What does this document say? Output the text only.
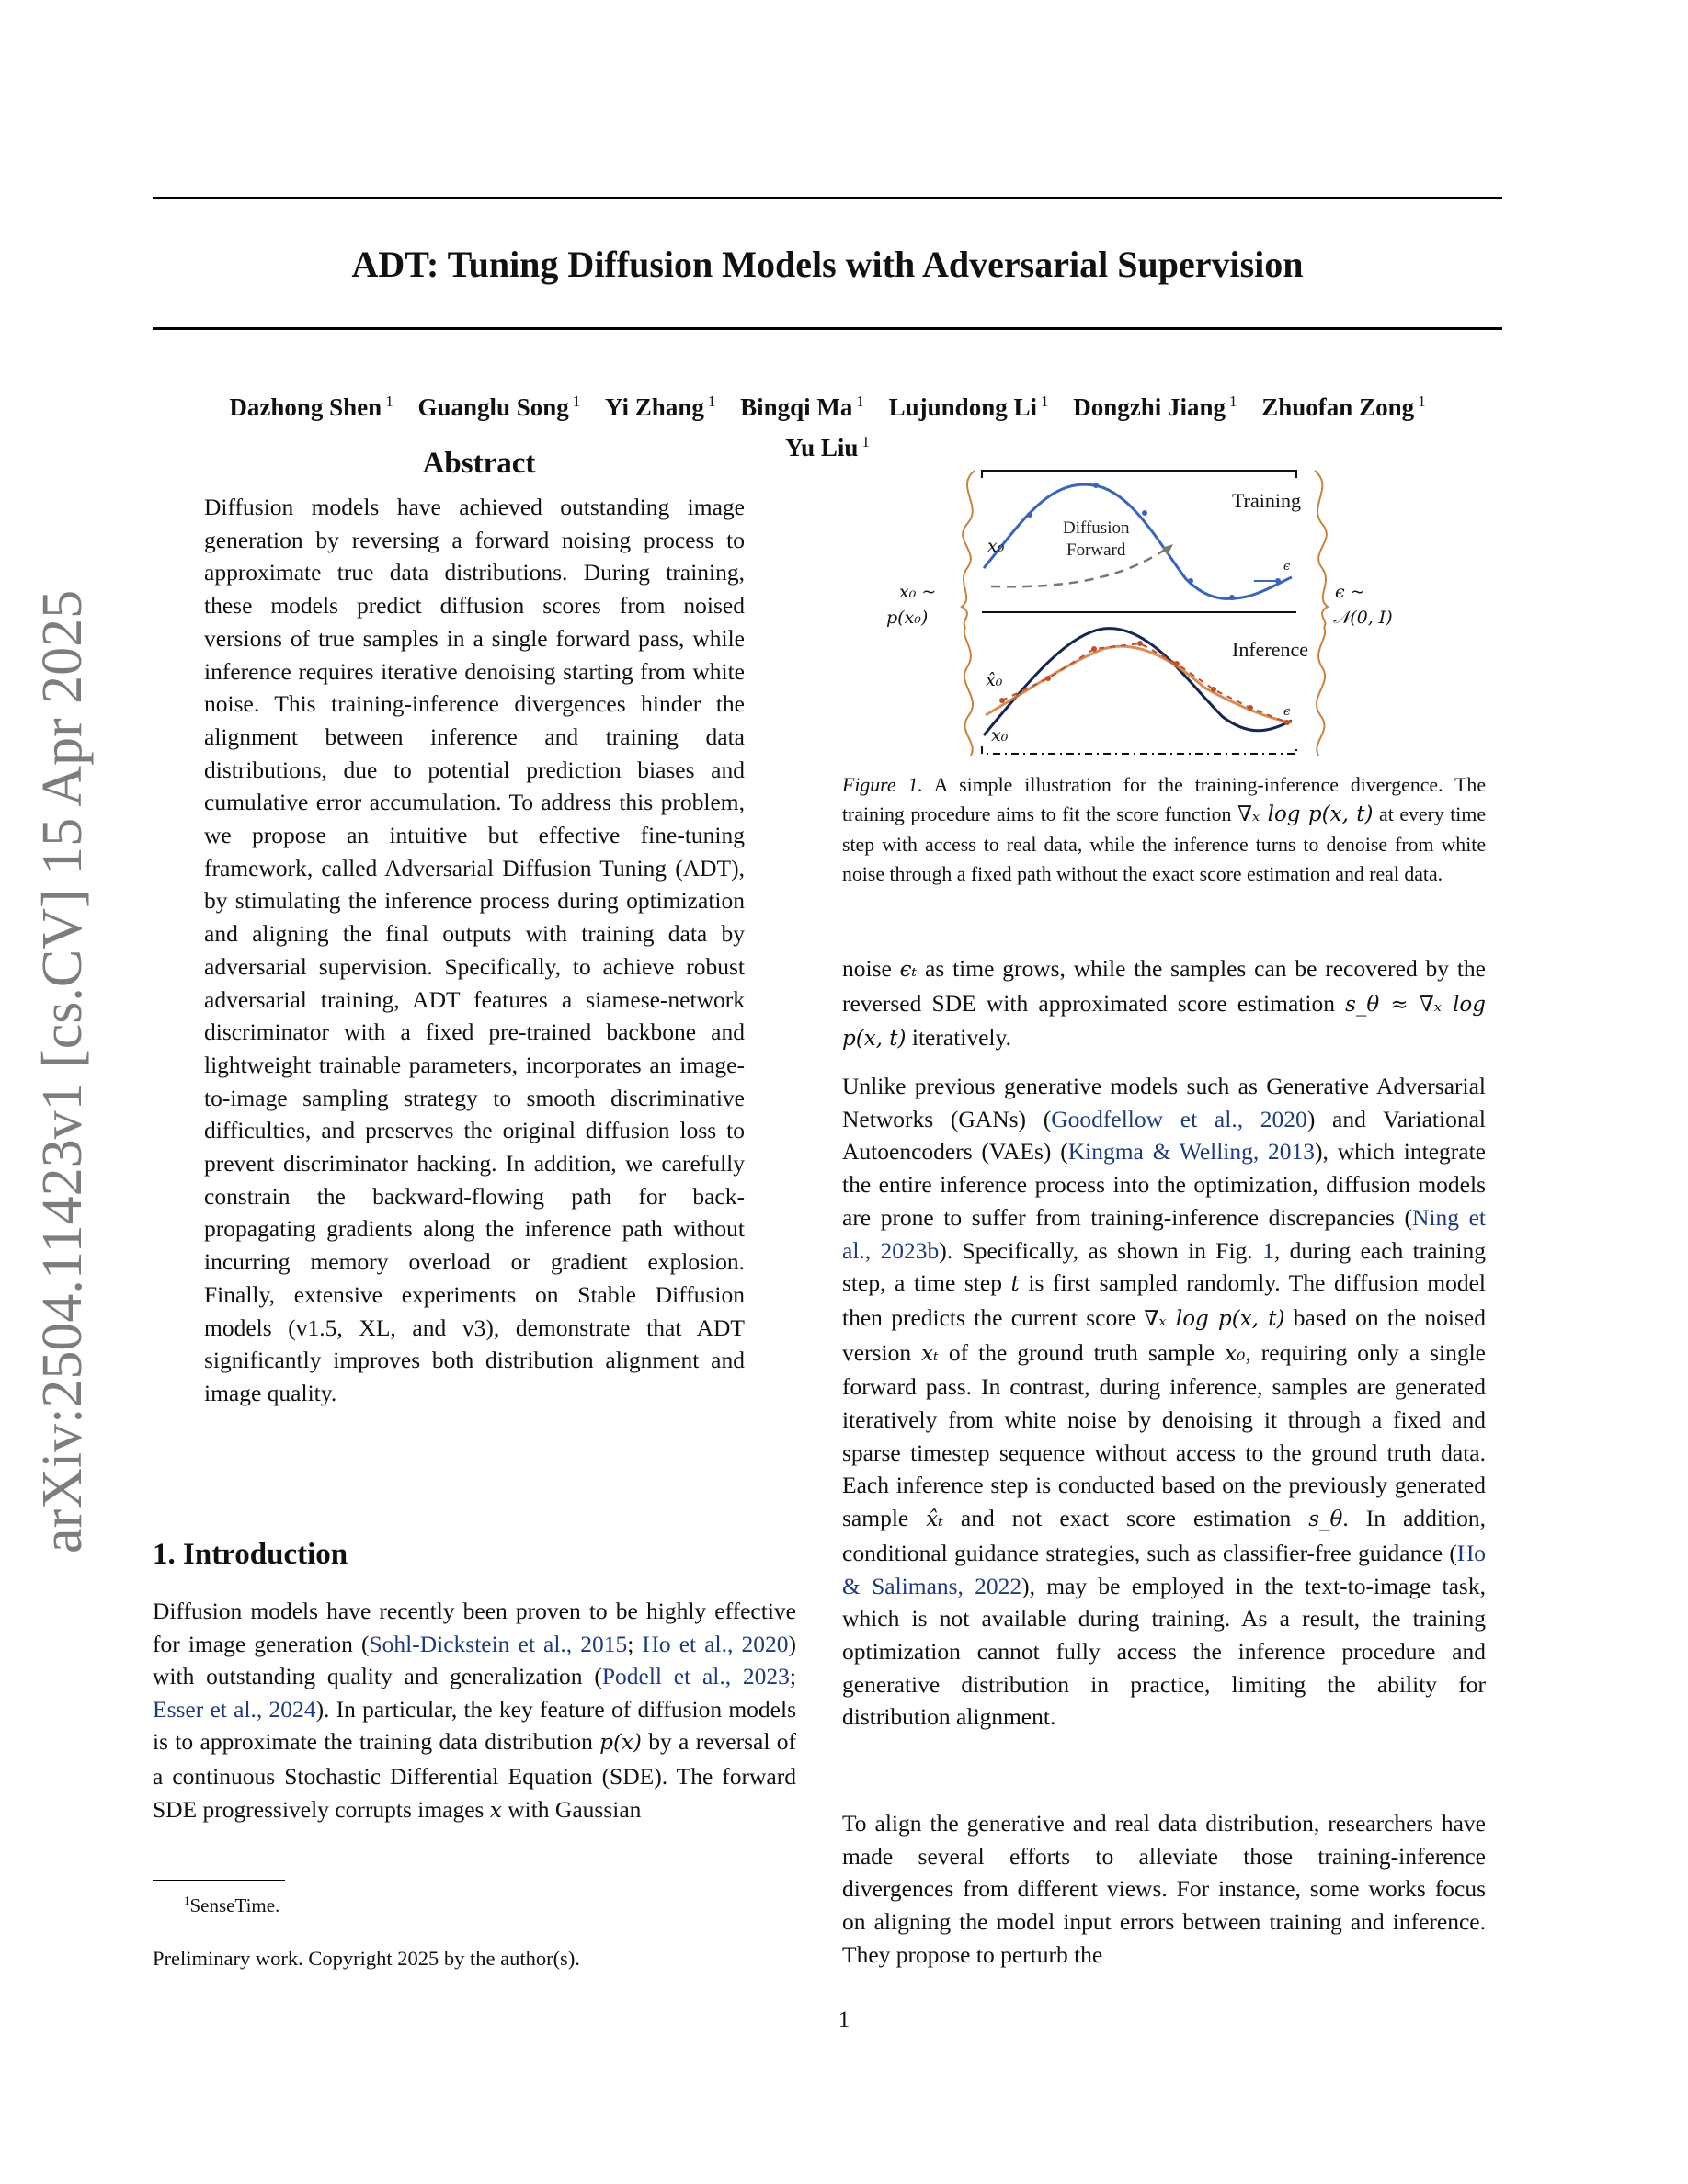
arXiv:2504.11423v1 [cs.CV] 15 Apr 2025
ADT: Tuning Diffusion Models with Adversarial Supervision
Dazhong Shen $^1$ Guanglu Song $^1$ Yi Zhang $^1$ Bingqi Ma $^1$ Lujundong Li $^1$ Dongzhi Jiang $^1$ Zhuofan Zong $^1$
Yu Liu $^1$
Abstract
Diffusion models have achieved outstanding image generation by reversing a forward noising process to approximate true data distributions. During training, these models predict diffusion scores from noised versions of true samples in a single forward pass, while inference requires iterative denoising starting from white noise. This training-inference divergences hinder the alignment between inference and training data distributions, due to potential prediction biases and cumulative error accumulation. To address this problem, we propose an intuitive but effective fine-tuning framework, called Adversarial Diffusion Tuning (ADT), by stimulating the inference process during optimization and aligning the final outputs with training data by adversarial supervision. Specifically, to achieve robust adversarial training, ADT features a siamese-network discriminator with a fixed pre-trained backbone and lightweight trainable parameters, incorporates an image-to-image sampling strategy to smooth discriminative difficulties, and preserves the original diffusion loss to prevent discriminator hacking. In addition, we carefully constrain the backward-flowing path for back-propagating gradients along the inference path without incurring memory overload or gradient explosion. Finally, extensive experiments on Stable Diffusion models (v1.5, XL, and v3), demonstrate that ADT significantly improves both distribution alignment and image quality.
1. Introduction
Diffusion models have recently been proven to be highly effective for image generation (Sohl-Dickstein et al., 2015; Ho et al., 2020) with outstanding quality and generalization (Podell et al., 2023; Esser et al., 2024). In particular, the key feature of diffusion models is to approximate the training data distribution p(x) by a reversal of a continuous Stochastic Differential Equation (SDE). The forward SDE progressively corrupts images x with Gaussian
$^1$SenseTime.
Preliminary work. Copyright 2025 by the author(s).
1
Training
Inference
Diffusion
Forward
x₀
x̂₀
x₀
ϵ
ϵ
x₀ ~
p(x₀)
ϵ ~
𝒩(0, I)
Figure 1. A simple illustration for the training-inference divergence. The training procedure aims to fit the score function ∇ₓ log p(x, t) at every time step with access to real data, while the inference turns to denoise from white noise through a fixed path without the exact score estimation and real data.
noise ϵₜ as time grows, while the samples can be recovered by the reversed SDE with approximated score estimation s_θ ≈ ∇ₓ log p(x, t) iteratively.
Unlike previous generative models such as Generative Adversarial Networks (GANs) (Goodfellow et al., 2020) and Variational Autoencoders (VAEs) (Kingma & Welling, 2013), which integrate the entire inference process into the optimization, diffusion models are prone to suffer from training-inference discrepancies (Ning et al., 2023b). Specifically, as shown in Fig. 1, during each training step, a time step t is first sampled randomly. The diffusion model then predicts the current score ∇ₓ log p(x, t) based on the noised version xₜ of the ground truth sample x₀, requiring only a single forward pass. In contrast, during inference, samples are generated iteratively from white noise by denoising it through a fixed and sparse timestep sequence without access to the ground truth data. Each inference step is conducted based on the previously generated sample x̂ₜ and not exact score estimation s_θ. In addition, conditional guidance strategies, such as classifier-free guidance (Ho & Salimans, 2022), may be employed in the text-to-image task, which is not available during training. As a result, the training optimization cannot fully access the inference procedure and generative distribution in practice, limiting the ability for distribution alignment.
To align the generative and real data distribution, researchers have made several efforts to alleviate those training-inference divergences from different views. For instance, some works focus on aligning the model input errors between training and inference. They propose to perturb the
